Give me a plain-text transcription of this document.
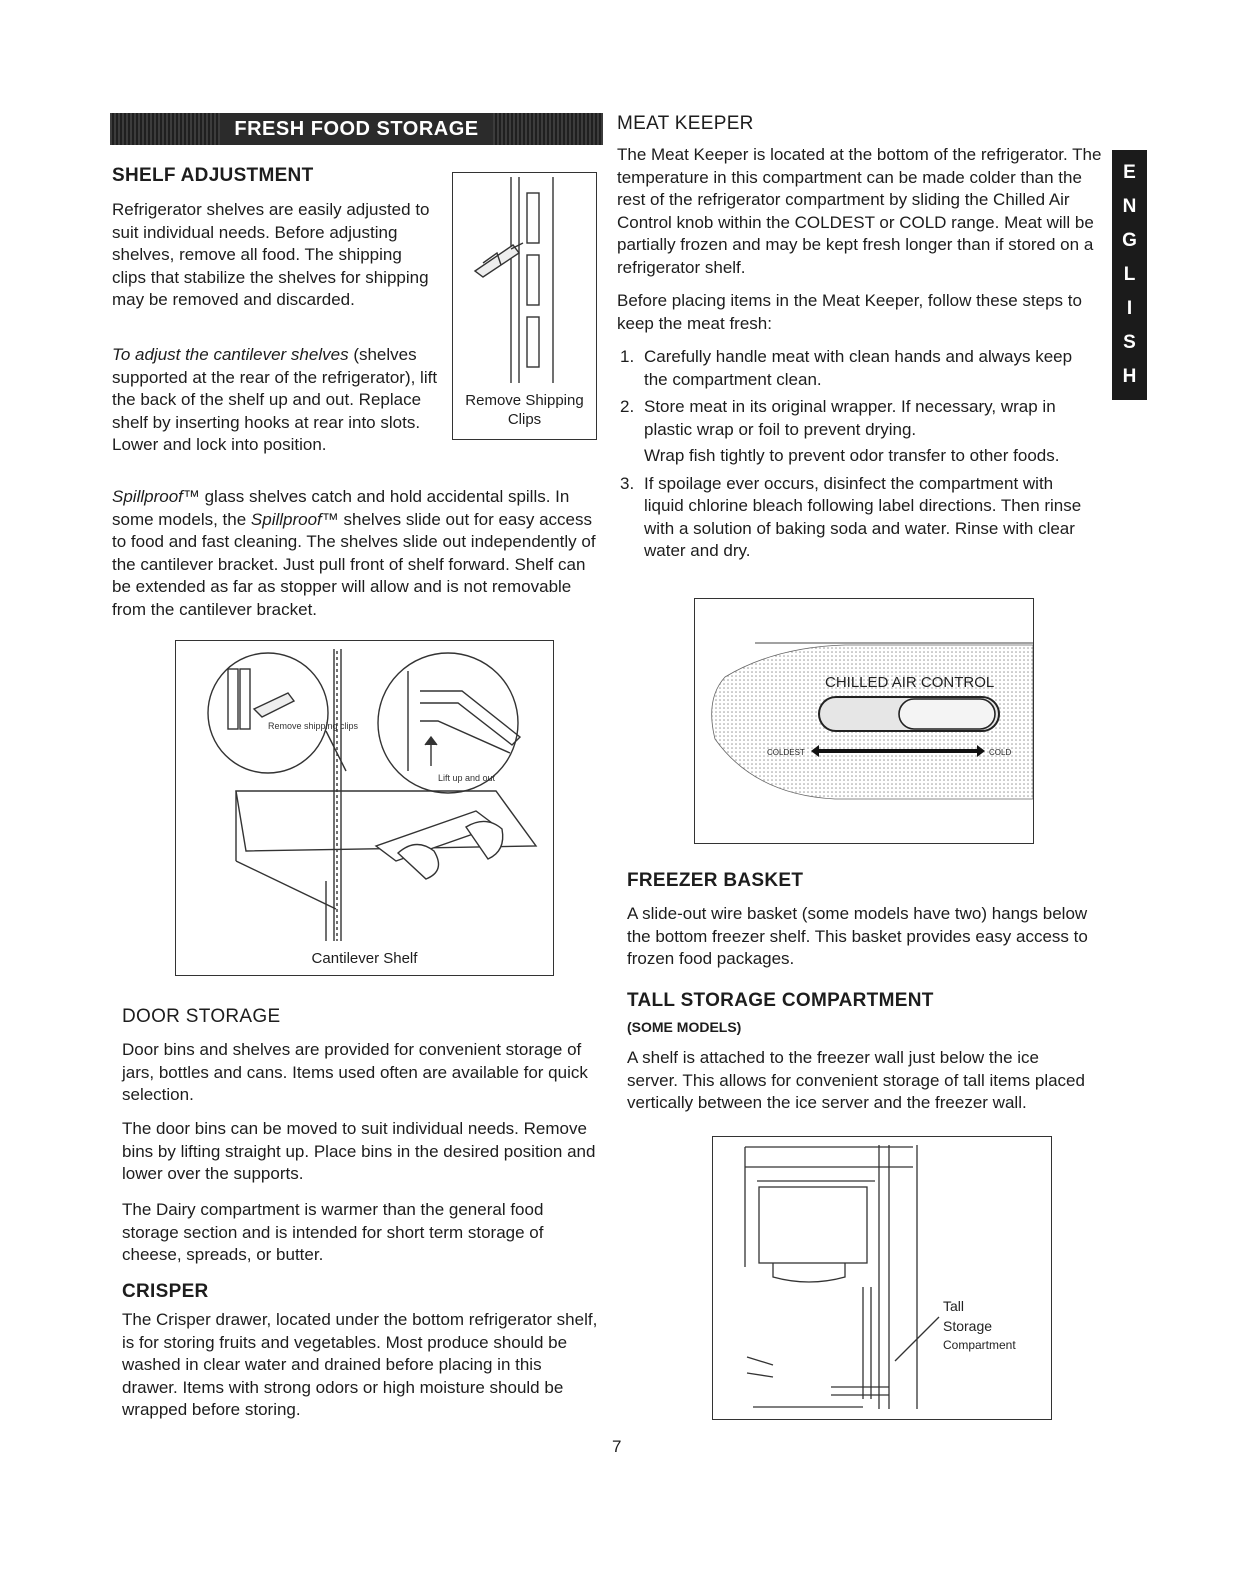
FRESH FOOD STORAGE
SHELF ADJUSTMENT
Refrigerator shelves are easily adjusted to suit individual needs. Before adjusting shelves, remove all food. The shipping clips that stabilize the shelves for shipping may be removed and discarded.
To adjust the cantilever shelves (shelves supported at the rear of the refrigerator), lift the back of the shelf up and out. Replace shelf by inserting hooks at rear into slots. Lower and lock into position.
Remove Shipping Clips
Spillproof™ glass shelves catch and hold accidental spills. In some models, the Spillproof™ shelves slide out for easy access to food and fast cleaning. The shelves slide out independently of the cantilever bracket. Just pull front of shelf forward. Shelf can be extended as far as stopper will allow and is not removable from the cantilever bracket.
Remove shipping clips
Lift up and out
Cantilever Shelf
DOOR STORAGE
Door bins and shelves are provided for convenient storage of jars, bottles and cans. Items used often are available for quick selection.
The door bins can be moved to suit individual needs. Remove bins by lifting straight up. Place bins in the desired position and lower over the supports.
The Dairy compartment is warmer than the general food storage section and is intended for short term storage of cheese, spreads, or butter.
CRISPER
The Crisper drawer, located under the bottom refrigerator shelf, is for storing fruits and vegetables. Most produce should be washed in clear water and drained before placing in this drawer. Items with strong odors or high moisture should be wrapped before storing.
MEAT KEEPER
The Meat Keeper is located at the bottom of the refrigerator. The temperature in this compartment can be made colder than the rest of the refrigerator compartment by sliding the Chilled Air Control knob within the COLDEST or COLD range. Meat will be partially frozen and may be kept fresh longer than if stored on a refrigerator shelf.
Before placing items in the Meat Keeper, follow these steps to keep the meat fresh:
1. Carefully handle meat with clean hands and always keep the compartment clean.
2. Store meat in its original wrapper. If necessary, wrap in plastic wrap or foil to prevent drying.
Wrap fish tightly to prevent odor transfer to other foods.
3. If spoilage ever occurs, disinfect the compartment with liquid chlorine bleach following label directions. Then rinse with a solution of baking soda and water. Rinse with clear water and dry.
CHILLED AIR CONTROL
COLDEST	COLD
FREEZER BASKET
A slide-out wire basket (some models have two) hangs below the bottom freezer shelf. This basket provides easy access to frozen food packages.
TALL STORAGE COMPARTMENT
(SOME MODELS)
A shelf is attached to the freezer wall just below the ice server. This allows for convenient storage of tall items placed vertically between the ice server and the freezer wall.
Tall
Storage
Compartment
E
N
G
L
I
S
H
7
